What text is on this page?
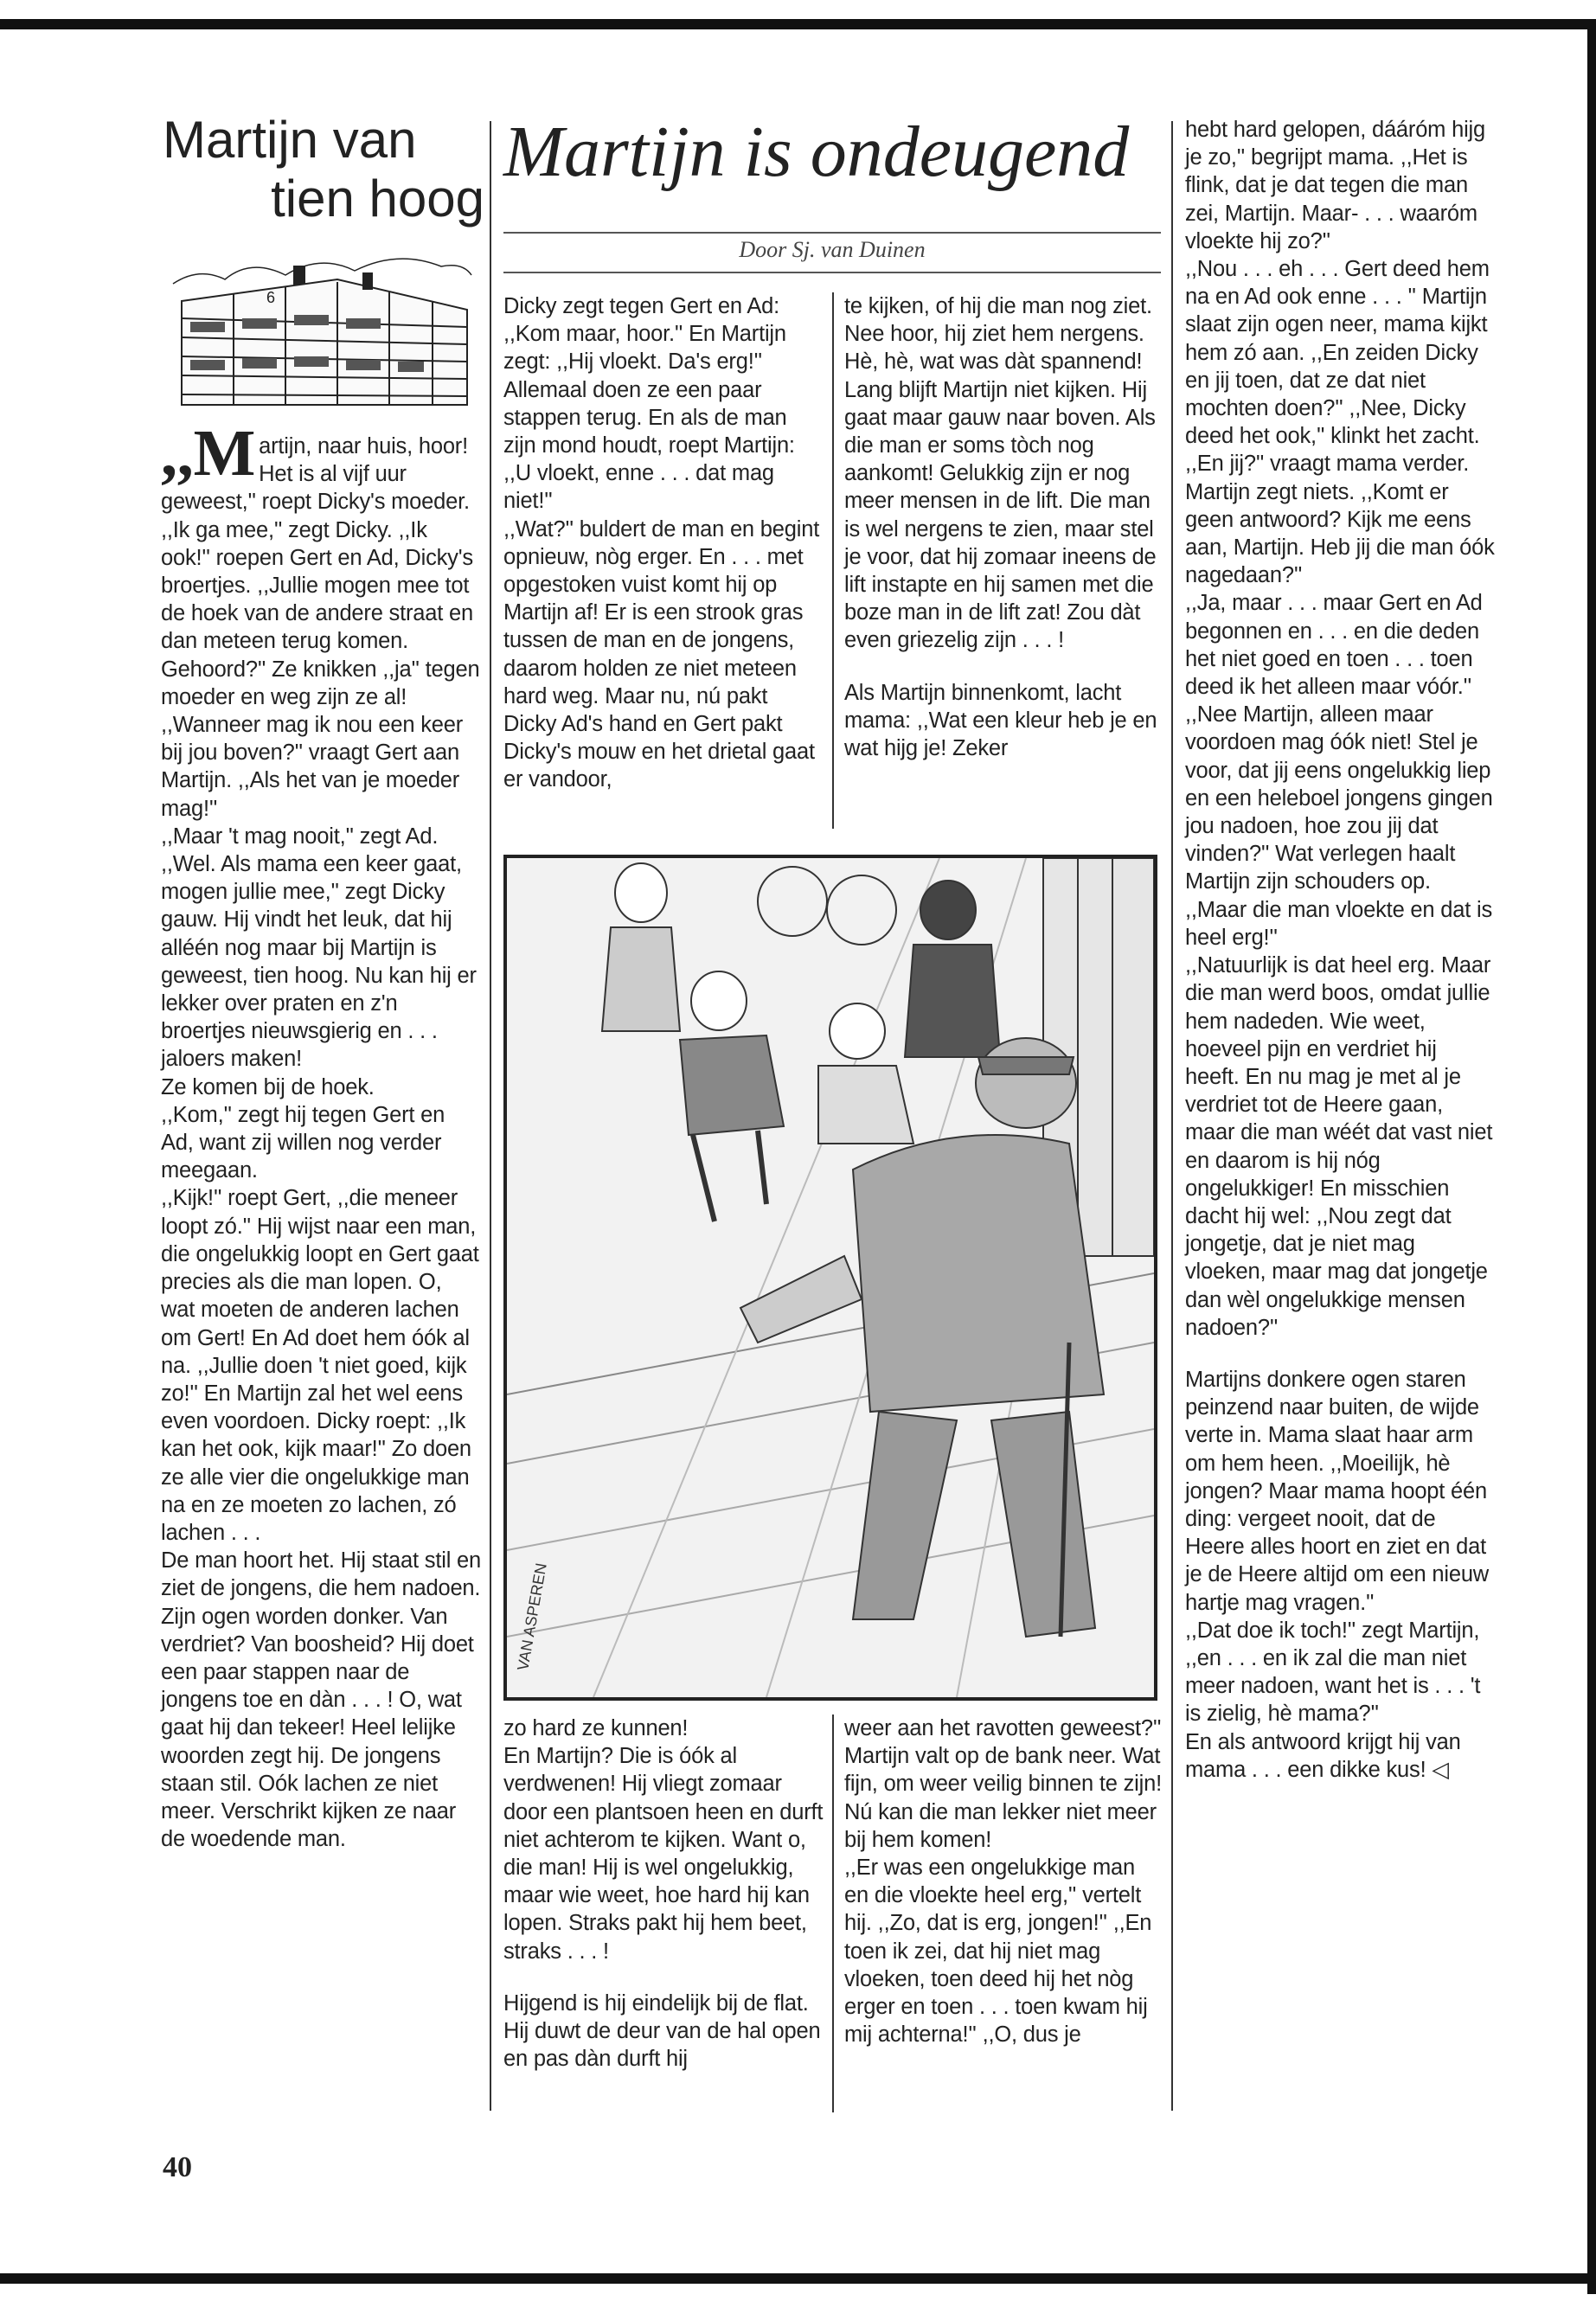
Martijn van
tien hoog
6
Martijn is ondeugend
Door Sj. van Duinen

,,M artijn, naar huis, hoor! Het is al vijf uur geweest,'' roept Dicky's moeder.

,,Ik ga mee,'' zegt Dicky. ,,Ik ook!'' roepen Gert en Ad, Dicky's broertjes. ,,Jullie mogen mee tot de hoek van de andere straat en dan meteen terug komen. Gehoord?'' Ze knikken ,,ja'' tegen moeder en weg zijn ze al!

,,Wanneer mag ik nou een keer bij jou boven?'' vraagt Gert aan Martijn. ,,Als het van je moeder mag!''

,,Maar 't mag nooit,'' zegt Ad. ,,Wel. Als mama een keer gaat, mogen jullie mee,'' zegt Dicky gauw. Hij vindt het leuk, dat hij alléén nog maar bij Martijn is geweest, tien hoog. Nu kan hij er lekker over praten en z'n broertjes nieuwsgierig en . . . jaloers maken!

Ze komen bij de hoek.

,,Kom,'' zegt hij tegen Gert en Ad, want zij willen nog verder meegaan.

,,Kijk!'' roept Gert, ,,die meneer loopt zó.'' Hij wijst naar een man, die ongelukkig loopt en Gert gaat precies als die man lopen. O, wat moeten de anderen lachen om Gert! En Ad doet hem óók al na. ,,Jullie doen 't niet goed, kijk zo!'' En Martijn zal het wel eens even voordoen. Dicky roept: ,,Ik kan het ook, kijk maar!'' Zo doen ze alle vier die ongelukkige man na en ze moeten zo lachen, zó lachen . . .

De man hoort het. Hij staat stil en ziet de jongens, die hem nadoen. Zijn ogen worden donker. Van verdriet? Van boosheid? Hij doet een paar stappen naar de jongens toe en dàn . . . ! O, wat gaat hij dan tekeer! Heel lelijke woorden zegt hij. De jongens staan stil. Oók lachen ze niet meer. Verschrikt kijken ze naar de woedende man.

Dicky zegt tegen Gert en Ad: ,,Kom maar, hoor.'' En Martijn zegt: ,,Hij vloekt. Da's erg!'' Allemaal doen ze een paar stappen terug. En als de man zijn mond houdt, roept Martijn: ,,U vloekt, enne . . . dat mag niet!''

,,Wat?'' buldert de man en begint opnieuw, nòg erger. En . . . met opgestoken vuist komt hij op Martijn af! Er is een strook gras tussen de man en de jongens, daarom holden ze niet meteen hard weg. Maar nu, nú pakt Dicky Ad's hand en Gert pakt Dicky's mouw en het drietal gaat er vandoor,

te kijken, of hij die man nog ziet. Nee hoor, hij ziet hem nergens. Hè, hè, wat was dàt spannend! Lang blijft Martijn niet kijken. Hij gaat maar gauw naar boven. Als die man er soms tòch nog aankomt! Gelukkig zijn er nog meer mensen in de lift. Die man is wel nergens te zien, maar stel je voor, dat hij zomaar ineens de lift instapte en hij samen met die boze man in de lift zat! Zou dàt even griezelig zijn . . . !

Als Martijn binnenkomt, lacht mama: ,,Wat een kleur heb je en wat hijg je! Zeker

VAN ASPEREN

zo hard ze kunnen!

En Martijn? Die is óók al verdwenen! Hij vliegt zomaar door een plantsoen heen en durft niet achterom te kijken. Want o, die man! Hij is wel ongelukkig, maar wie weet, hoe hard hij kan lopen. Straks pakt hij hem beet, straks . . . !

Hijgend is hij eindelijk bij de flat. Hij duwt de deur van de hal open en pas dàn durft hij

weer aan het ravotten geweest?'' Martijn valt op de bank neer. Wat fijn, om weer veilig binnen te zijn! Nú kan die man lekker niet meer bij hem komen!

,,Er was een ongelukkige man en die vloekte heel erg,'' vertelt hij. ,,Zo, dat is erg, jongen!'' ,,En toen ik zei, dat hij niet mag vloeken, toen deed hij het nòg erger en toen . . . toen kwam hij mij achterna!'' ,,O, dus je

hebt hard gelopen, dááróm hijg je zo,'' begrijpt mama. ,,Het is flink, dat je dat tegen die man zei, Martijn. Maar- . . . waaróm vloekte hij zo?''

,,Nou . . . eh . . . Gert deed hem na en Ad ook enne . . . '' Martijn slaat zijn ogen neer, mama kijkt hem zó aan. ,,En zeiden Dicky en jij toen, dat ze dat niet mochten doen?'' ,,Nee, Dicky deed het ook,'' klinkt het zacht. ,,En jij?'' vraagt mama verder. Martijn zegt niets. ,,Komt er geen antwoord? Kijk me eens aan, Martijn. Heb jij die man óók nagedaan?''

,,Ja, maar . . . maar Gert en Ad begonnen en . . . en die deden het niet goed en toen . . . toen deed ik het alleen maar vóór.'' ,,Nee Martijn, alleen maar voordoen mag óók niet! Stel je voor, dat jij eens ongelukkig liep en een heleboel jongens gingen jou nadoen, hoe zou jij dat vinden?'' Wat verlegen haalt Martijn zijn schouders op. ,,Maar die man vloekte en dat is heel erg!''

,,Natuurlijk is dat heel erg. Maar die man werd boos, omdat jullie hem nadeden. Wie weet, hoeveel pijn en verdriet hij heeft. En nu mag je met al je verdriet tot de Heere gaan, maar die man wéét dat vast niet en daarom is hij nóg ongelukkiger! En misschien dacht hij wel: ,,Nou zegt dat jongetje, dat je niet mag vloeken, maar mag dat jongetje dan wèl ongelukkige mensen nadoen?''

Martijns donkere ogen staren peinzend naar buiten, de wijde verte in. Mama slaat haar arm om hem heen. ,,Moeilijk, hè jongen? Maar mama hoopt één ding: vergeet nooit, dat de Heere alles hoort en ziet en dat je de Heere altijd om een nieuw hartje mag vragen.''

,,Dat doe ik toch!'' zegt Martijn, ,,en . . . en ik zal die man niet meer nadoen, want het is . . . 't is zielig, hè mama?''

En als antwoord krijgt hij van mama . . . een dikke kus! ◁

40
